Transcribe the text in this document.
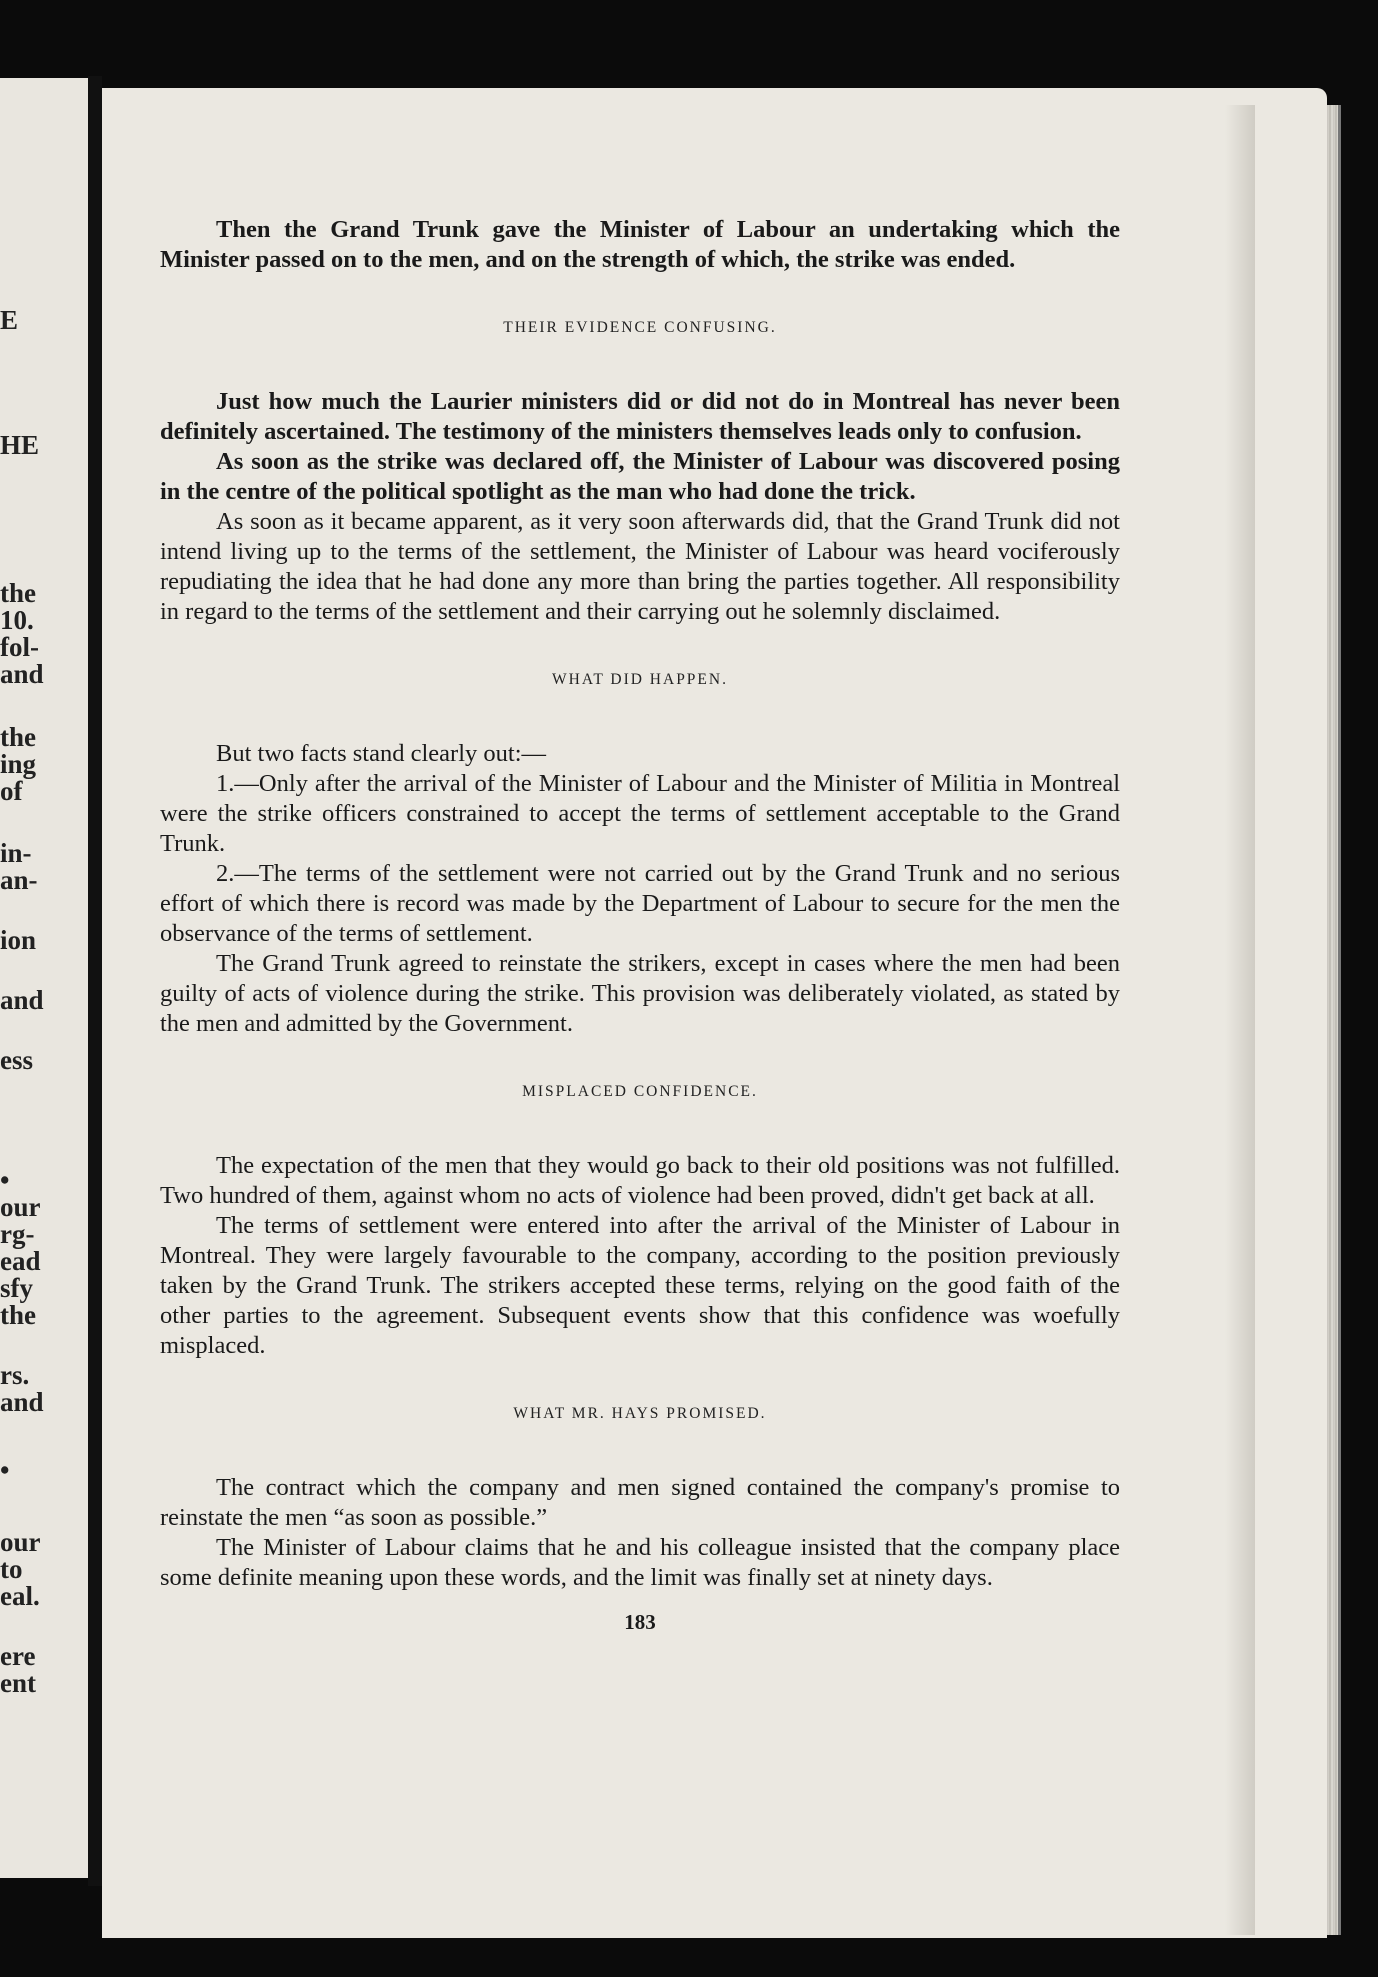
E
HE
the
10.
fol-
and
the
ing
of
in-
an-
ion
and
ess
•
our
rg-
ead
sfy
the
rs.
and
•
our
to
eal.
ere
ent

Then the Grand Trunk gave the Minister of Labour an undertaking which the Minister passed on to the men, and on the strength of which, the strike was ended.

THEIR EVIDENCE CONFUSING.

Just how much the Laurier ministers did or did not do in Montreal has never been definitely ascertained. The testimony of the ministers themselves leads only to confusion.

As soon as the strike was declared off, the Minister of Labour was discovered posing in the centre of the political spotlight as the man who had done the trick.

As soon as it became apparent, as it very soon afterwards did, that the Grand Trunk did not intend living up to the terms of the settlement, the Minister of Labour was heard vociferously repudiating the idea that he had done any more than bring the parties together. All responsibility in regard to the terms of the settlement and their carrying out he solemnly disclaimed.

WHAT DID HAPPEN.

But two facts stand clearly out:—

1.—Only after the arrival of the Minister of Labour and the Minister of Militia in Montreal were the strike officers constrained to accept the terms of settlement acceptable to the Grand Trunk.

2.—The terms of the settlement were not carried out by the Grand Trunk and no serious effort of which there is record was made by the Department of Labour to secure for the men the observance of the terms of settlement.

The Grand Trunk agreed to reinstate the strikers, except in cases where the men had been guilty of acts of violence during the strike. This provision was deliberately violated, as stated by the men and admitted by the Government.

MISPLACED CONFIDENCE.

The expectation of the men that they would go back to their old positions was not fulfilled. Two hundred of them, against whom no acts of violence had been proved, didn't get back at all.

The terms of settlement were entered into after the arrival of the Minister of Labour in Montreal. They were largely favourable to the company, according to the position previously taken by the Grand Trunk. The strikers accepted these terms, relying on the good faith of the other parties to the agreement. Subsequent events show that this confidence was woefully misplaced.

WHAT MR. HAYS PROMISED.

The contract which the company and men signed contained the company's promise to reinstate the men “as soon as possible.”

The Minister of Labour claims that he and his colleague insisted that the company place some definite meaning upon these words, and the limit was finally set at ninety days.

183
